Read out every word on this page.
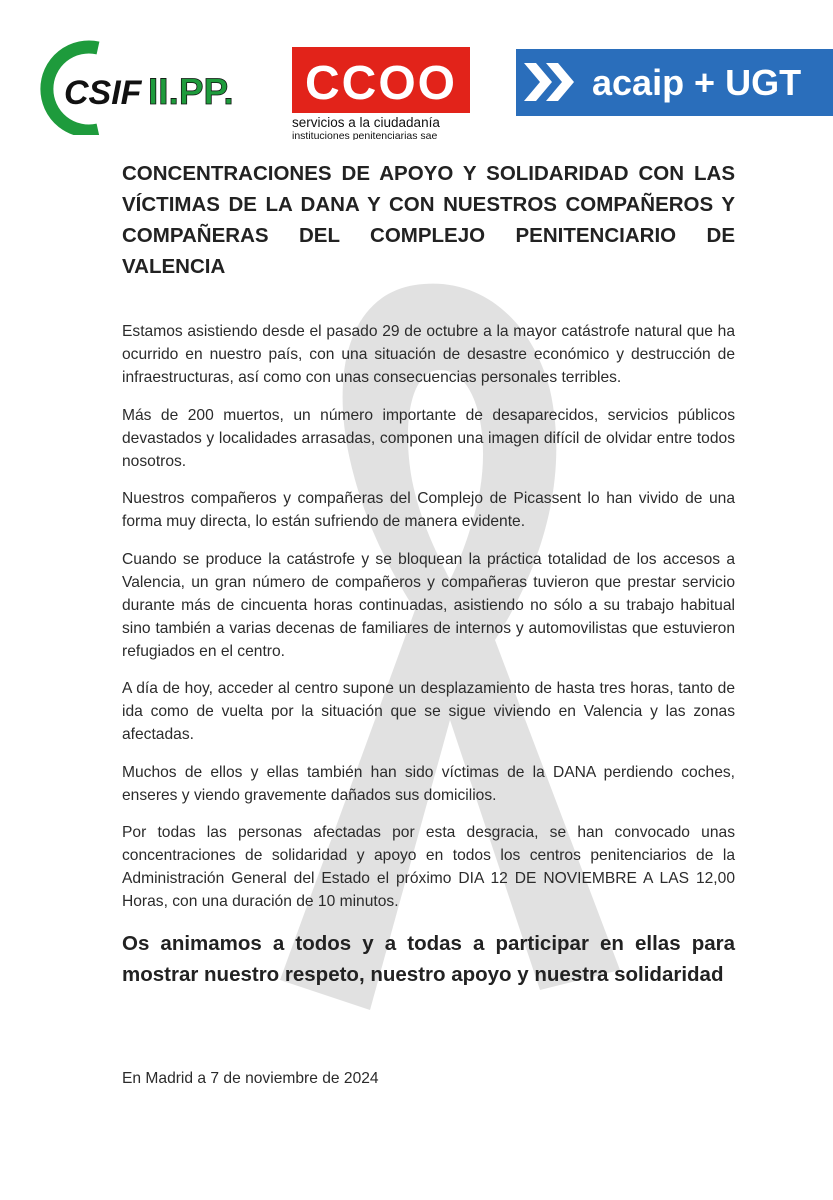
CSIF II.PP. CCOO
servicios a la ciudadanía
instituciones penitenciarias sae
acaip + UGT
CONCENTRACIONES DE APOYO Y SOLIDARIDAD CON LAS VÍCTIMAS DE LA DANA Y CON NUESTROS COMPAÑEROS Y COMPAÑERAS DEL COMPLEJO PENITENCIARIO DE VALENCIA

Estamos asistiendo desde el pasado 29 de octubre a la mayor catástrofe natural que ha ocurrido en nuestro país, con una situación de desastre económico y destrucción de infraestructuras, así como con unas consecuencias personales terribles.

Más de 200 muertos, un número importante de desaparecidos, servicios públicos devastados y localidades arrasadas, componen una imagen difícil de olvidar entre todos nosotros.

Nuestros compañeros y compañeras del Complejo de Picassent lo han vivido de una forma muy directa, lo están sufriendo de manera evidente.

Cuando se produce la catástrofe y se bloquean la práctica totalidad de los accesos a Valencia, un gran número de compañeros y compañeras tuvieron que prestar servicio durante más de cincuenta horas continuadas, asistiendo no sólo a su trabajo habitual sino también a varias decenas de familiares de internos y automovilistas que estuvieron refugiados en el centro.

A día de hoy, acceder al centro supone un desplazamiento de hasta tres horas, tanto de ida como de vuelta por la situación que se sigue viviendo en Valencia y las zonas afectadas.

Muchos de ellos y ellas también han sido víctimas de la DANA perdiendo coches, enseres y viendo gravemente dañados sus domicilios.

Por todas las personas afectadas por esta desgracia, se han convocado unas concentraciones de solidaridad y apoyo en todos los centros penitenciarios de la Administración General del Estado el próximo DIA 12 DE NOVIEMBRE A LAS 12,00 Horas, con una duración de 10 minutos.

Os animamos a todos y a todas a participar en ellas para mostrar nuestro respeto, nuestro apoyo y nuestra solidaridad

En Madrid a 7 de noviembre de 2024
